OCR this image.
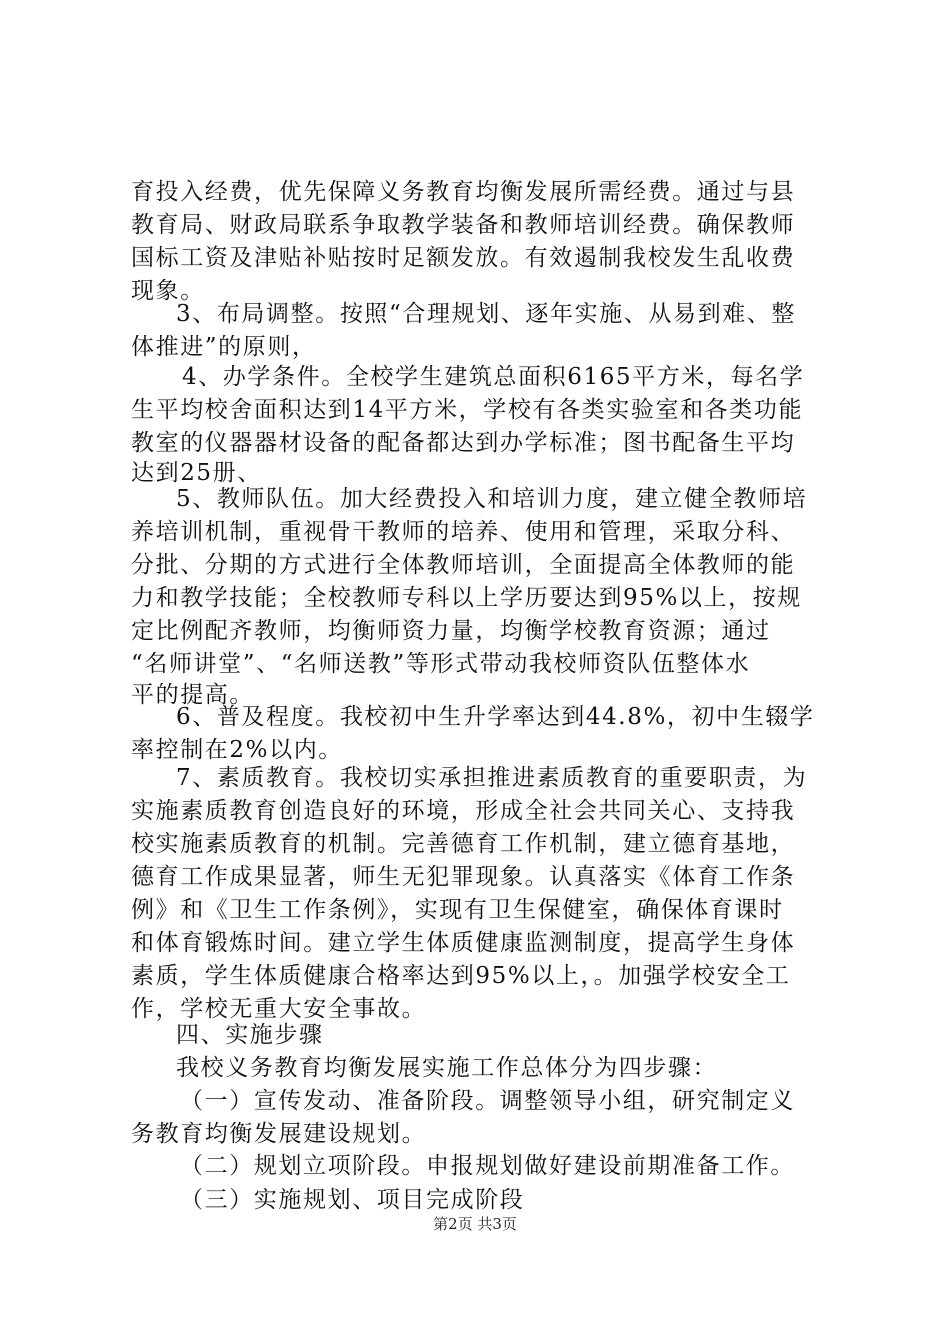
育投入经费，优先保障义务教育均衡发展所需经费。通过与县
教育局、财政局联系争取教学装备和教师培训经费。确保教师
国标工资及津贴补贴按时足额发放。有效遏制我校发生乱收费
现象。
3、布局调整。按照“合理规划、逐年实施、从易到难、整
体推进”的原则，
4、办学条件。全校学生建筑总面积6165平方米，每名学
生平均校舍面积达到14平方米，学校有各类实验室和各类功能
教室的仪器器材设备的配备都达到办学标准；图书配备生平均
达到25册、
5、教师队伍。加大经费投入和培训力度，建立健全教师培
养培训机制，重视骨干教师的培养、使用和管理，采取分科、
分批、分期的方式进行全体教师培训，全面提高全体教师的能
力和教学技能；全校教师专科以上学历要达到95%以上，按规
定比例配齐教师，均衡师资力量，均衡学校教育资源；通过
“名师讲堂”、“名师送教”等形式带动我校师资队伍整体水
平的提高。
6、普及程度。我校初中生升学率达到44.8%，初中生辍学
率控制在2%以内。
7、素质教育。我校切实承担推进素质教育的重要职责，为
实施素质教育创造良好的环境，形成全社会共同关心、支持我
校实施素质教育的机制。完善德育工作机制，建立德育基地，
德育工作成果显著，师生无犯罪现象。认真落实《体育工作条
例》和《卫生工作条例》，实现有卫生保健室，确保体育课时
和体育锻炼时间。建立学生体质健康监测制度，提高学生身体
素质，学生体质健康合格率达到95%以上，。加强学校安全工
作，学校无重大安全事故。
四、实施步骤
我校义务教育均衡发展实施工作总体分为四步骤：
（一）宣传发动、准备阶段。调整领导小组，研究制定义
务教育均衡发展建设规划。
（二）规划立项阶段。申报规划做好建设前期准备工作。
（三）实施规划、项目完成阶段
第2页 共3页
